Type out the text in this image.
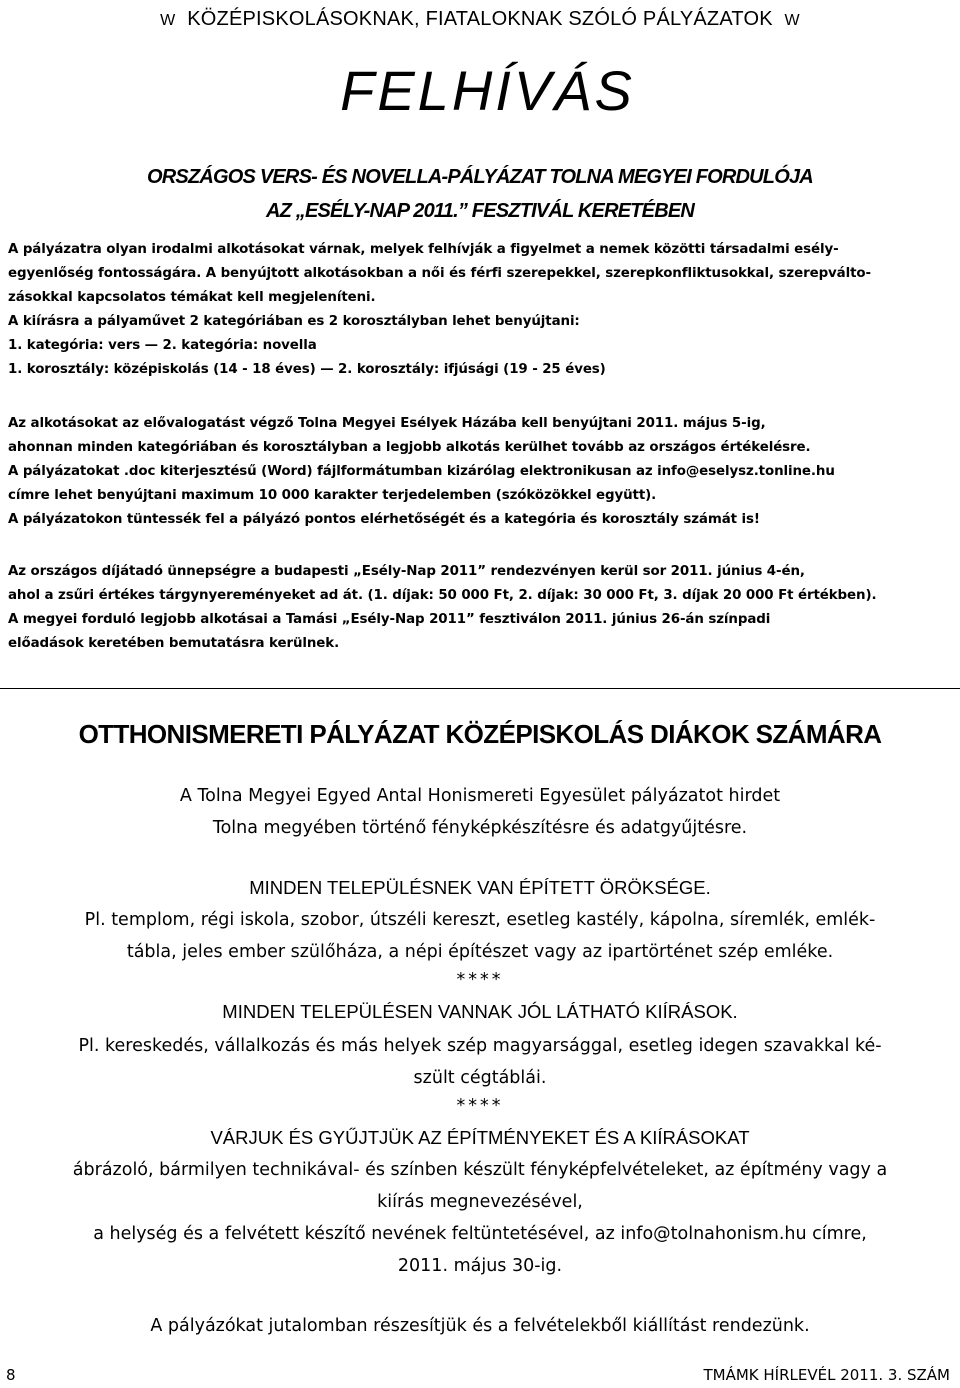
W KÖZÉPISKOLÁSOKNAK, FIATALOKNAK SZÓLÓ PÁLYÁZATOK W
FELHÍVÁS
ORSZÁGOS VERS- ÉS NOVELLA-PÁLYÁZAT TOLNA MEGYEI FORDULÓJA
AZ „ESÉLY-NAP 2011.” FESZTIVÁL KERETÉBEN

A pályázatra olyan irodalmi alkotásokat várnak, melyek felhívják a figyelmet a nemek közötti társadalmi esély-

egyenlőség fontosságára. A benyújtott alkotásokban a női és férfi szerepekkel, szerepkonfliktusokkal, szerepválto-

zásokkal kapcsolatos témákat kell megjeleníteni.

A kiírásra a pályaművet 2 kategóriában es 2 korosztályban lehet benyújtani:

1. kategória: vers — 2. kategória: novella

1. korosztály: középiskolás (14 - 18 éves) — 2. korosztály: ifjúsági (19 - 25 éves)

Az alkotásokat az elővalogatást végző Tolna Megyei Esélyek Házába kell benyújtani 2011. május 5-ig,

ahonnan minden kategóriában és korosztályban a legjobb alkotás kerülhet tovább az országos értékelésre.

A pályázatokat .doc kiterjesztésű (Word) fájlformátumban kizárólag elektronikusan az info@eselysz.tonline.hu

címre lehet benyújtani maximum 10 000 karakter terjedelemben (szóközökkel együtt).

A pályázatokon tüntessék fel a pályázó pontos elérhetőségét és a kategória és korosztály számát is!

Az országos díjátadó ünnepségre a budapesti „Esély-Nap 2011” rendezvényen kerül sor 2011. június 4-én,

ahol a zsűri értékes tárgynyereményeket ad át. (1. díjak: 50 000 Ft, 2. díjak: 30 000 Ft, 3. díjak 20 000 Ft értékben).

A megyei forduló legjobb alkotásai a Tamási „Esély-Nap 2011” fesztiválon 2011. június 26-án színpadi

előadások keretében bemutatásra kerülnek.

OTTHONISMERETI PÁLYÁZAT KÖZÉPISKOLÁS DIÁKOK SZÁMÁRA

A Tolna Megyei Egyed Antal Honismereti Egyesület pályázatot hirdet

Tolna megyében történő fényképkészítésre és adatgyűjtésre.

MINDEN TELEPÜLÉSNEK VAN ÉPÍTETT ÖRÖKSÉGE.

Pl. templom, régi iskola, szobor, útszéli kereszt, esetleg kastély, kápolna, síremlék, emlék-

tábla, jeles ember szülőháza, a népi építészet vagy az ipartörténet szép emléke.

****
MINDEN TELEPÜLÉSEN VANNAK JÓL LÁTHATÓ KIÍRÁSOK.

Pl. kereskedés, vállalkozás és más helyek szép magyarsággal, esetleg idegen szavakkal ké-

szült cégtáblái.

****
VÁRJUK ÉS GYŰJTJÜK AZ ÉPÍTMÉNYEKET ÉS A KIÍRÁSOKAT

ábrázoló, bármilyen technikával- és színben készült fényképfelvételeket, az építmény vagy a

kiírás megnevezésével,

a helység és a felvétett készítő nevének feltüntetésével, az info@tolnahonism.hu címre,

2011. május 30-ig.

A pályázókat jutalomban részesítjük és a felvételekből kiállítást rendezünk.
8	TMÁMK HÍRLEVÉL 2011. 3. SZÁM
